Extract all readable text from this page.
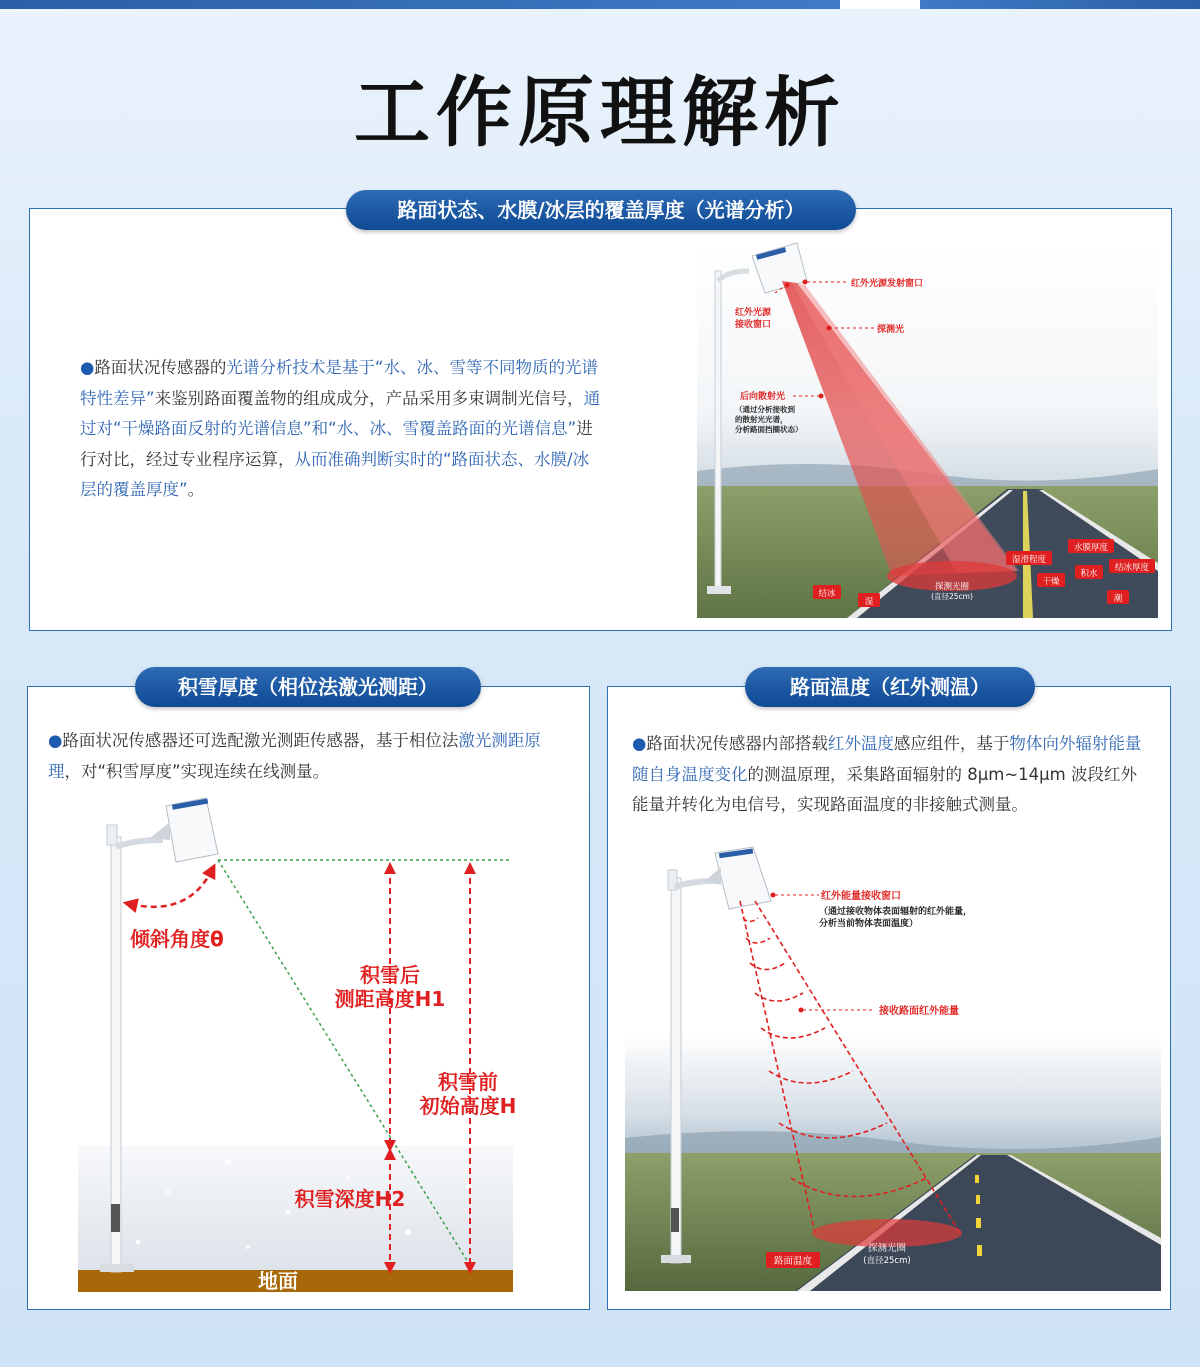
工作原理解析
路面状态、水膜/冰层的覆盖厚度（光谱分析）
●路面状况传感器的光谱分析技术是基于“水、冰、雪等不同物质的光谱特性差异”来鉴别路面覆盖物的组成成分，产品采用多束调制光信号，通过对“干燥路面反射的光谱信息”和“水、冰、雪覆盖路面的光谱信息”进行对比，经过专业程序运算，从而准确判断实时的“路面状态、水膜/冰层的覆盖厚度”。
红外光源发射窗口
红外光源
接收窗口	探测光
后向散射光
（通过分析接收到
的散射光光谱，
分析路面挡圈状态）
探测光圈
(直径25cm)
湿滑程度
水膜厚度
干燥
积水
结冰厚度
结冰
湿	潮
积雪厚度（相位法激光测距）
●路面状况传感器还可选配激光测距传感器，基于相位法激光测距原理，对“积雪厚度”实现连续在线测量。
地面
倾斜角度θ
积雪后
测距高度H1
积雪前
初始高度H
积雪深度H2
路面温度（红外测温）
●路面状况传感器内部搭载红外温度感应组件，基于物体向外辐射能量随自身温度变化的测温原理，采集路面辐射的 8μm~14μm 波段红外能量并转化为电信号，实现路面温度的非接触式测量。
红外能量接收窗口
（通过接收物体表面辐射的红外能量，
分析当前物体表面温度）
接收路面红外能量
路面温度
探测光圈
(直径25cm)
